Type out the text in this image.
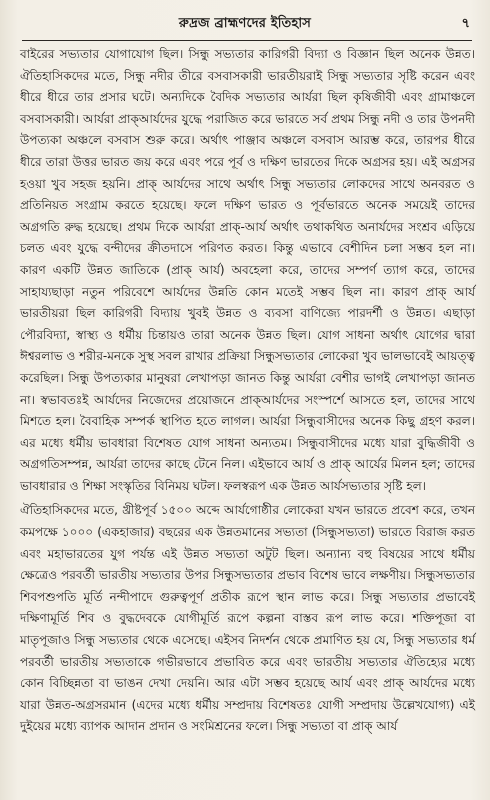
রুদ্রজ ব্রাহ্মণদের ইতিহাস	৭

বাইরের সভ্যতার যোগাযোগ ছিল। সিন্ধু সভ্যতার কারিগরী বিদ্যা ও বিজ্ঞান ছিল অনেক উন্নত। ঐতিহাসিকদের মতে, সিন্ধু নদীর তীরে বসবাসকারী ভারতীয়রাই সিন্ধু সভ্যতার সৃষ্টি করেন এবং ধীরে ধীরে তার প্রসার ঘটে। অন্যদিকে বৈদিক সভ্যতার আর্যরা ছিল কৃষিজীবী এবং গ্রামাঞ্চলে বসবাসকারী। আর্যরা প্রাক্‌আর্যদের যুদ্ধে পরাজিত করে ভারতে সর্ব প্রথম সিন্ধু নদী ও তার উপনদী উপত্যকা অঞ্চলে বসবাস শুরু করে। অর্থাৎ পাঞ্জাব অঞ্চলে বসবাস আরম্ভ করে, তারপর ধীরে ধীরে তারা উত্তর ভারত জয় করে এবং পরে পূর্ব ও দক্ষিণ ভারতের দিকে অগ্রসর হয়। এই অগ্রসর হওয়া খুব সহজ হয়নি। প্রাক্‌ আর্যদের সাথে অর্থাৎ সিন্ধু সভ্যতার লোকদের সাথে অনবরত ও প্রতিনিয়ত সংগ্রাম করতে হয়েছে। ফলে দক্ষিণ ভারত ও পূর্বভারতে অনেক সময়েই তাদের অগ্রগতি রুদ্ধ হয়েছে। প্রথম দিকে আর্যরা প্রাক্‌-আর্য অর্থাৎ তথাকথিত অনার্যদের সংশ্রব এড়িয়ে চলত এবং যুদ্ধে বন্দীদের ক্রীতদাসে পরিণত করত। কিন্তু এভাবে বেশীদিন চলা সম্ভব হল না। কারণ একটি উন্নত জাতিকে (প্রাক্‌ আর্য) অবহেলা করে, তাদের সম্পর্ণ ত্যাগ করে, তাদের সাহায্যছাড়া নতুন পরিবেশে আর্যদের উন্নতি কোন মতেই সম্ভব ছিল না। কারণ প্রাক্‌ আর্য ভারতীয়রা ছিল কারিগরী বিদ্যায় খুবই উন্নত ও ব্যবসা বাণিজ্যে পারদর্শী ও উন্নত। এছাড়া পৌরবিদ্যা, স্বাস্থ্য ও ধর্মীয় চিন্তায়ও তারা অনেক উন্নত ছিল। যোগ সাধনা অর্থাৎ যোগের দ্বারা ঈশ্বরলাভ ও শরীর-মনকে সুস্থ সবল রাখার প্রক্রিয়া সিন্ধুসভ্যতার লোকেরা খুব ভালভাবেই আয়ত্ত্ব করেছিল। সিন্ধু উপত্যকার মানুষরা লেখাপড়া জানত কিন্তু আর্যরা বেশীর ভাগই লেখাপড়া জানত না। স্বভাবতঃই আর্যদের নিজেদের প্রয়োজনে প্রাক্‌আর্যদের সংস্পর্শে আসতে হল, তাদের সাথে মিশতে হল। বৈবাহিক সম্পর্ক স্থাপিত হতে লাগল। আর্যরা সিন্ধুবাসীদের অনেক কিছু গ্রহণ করল। এর মধ্যে ধর্মীয় ভাবধারা বিশেষত যোগ সাধনা অন্যতম। সিন্ধুবাসীদের মধ্যে যারা বুদ্ধিজীবী ও অগ্রগতিসম্পন্ন, আর্যরা তাদের কাছে টেনে নিল। এইভাবে আর্য ও প্রাক্‌ আর্যের মিলন হল; তাদের ভাবধারার ও শিক্ষা সংস্কৃতির বিনিময় ঘটল। ফলস্বরূপ এক উন্নত আর্যসভ্যতার সৃষ্টি হল।

ঐতিহাসিকদের মতে, খ্রীষ্টপূর্ব ১৫০০ অব্দে আর্যগোষ্ঠীর লোকেরা যখন ভারতে প্রবেশ করে, তখন কমপক্ষে ১০০০ (একহাজার) বছরের এক উন্নতমানের সভ্যতা (সিন্ধুসভ্যতা) ভারতে বিরাজ করত এবং মহাভারতের যুগ পর্যন্ত এই উন্নত সভ্যতা অটুট ছিল। অন্যান্য বহু বিষয়ের সাথে ধর্মীয় ক্ষেত্রেও পরবর্তী ভারতীয় সভ্যতার উপর সিন্ধুসভ্যতার প্রভাব বিশেষ ভাবে লক্ষণীয়। সিন্ধুসভ্যতার শিবপশুপতি মূর্তি নন্দীপাদে গুরুত্বপূর্ণ প্রতীক রূপে স্থান লাভ করে। সিন্ধু সভ্যতার প্রভাবেই দক্ষিণামূর্তি শিব ও বুদ্ধদেবকে যোগীমূর্তি রূপে কল্পনা বাস্তব রূপ লাভ করে। শক্তিপূজা বা মাতৃপূজাও সিন্ধু সভ্যতার থেকে এসেছে। এইসব নিদর্শন থেকে প্রমাণিত হয় যে, সিন্ধু সভ্যতার ধর্ম পরবর্তী ভারতীয় সভ্যতাকে গভীরভাবে প্রভাবিত করে এবং ভারতীয় সভ্যতার ঐতিহ্যের মধ্যে কোন বিচ্ছিন্নতা বা ভাঙন দেখা দেয়নি। আর এটা সম্ভব হয়েছে আর্য এবং প্রাক্‌ আর্যদের মধ্যে যারা উন্নত-অগ্রসরমান (এদের মধ্যে ধর্মীয় সম্প্রদায় বিশেষতঃ যোগী সম্প্রদায় উল্লেখযোগ্য) এই দুইয়ের মধ্যে ব্যাপক আদান প্রদান ও সংমিশ্রনের ফলে। সিন্ধু সভ্যতা বা প্রাক্‌ আর্য
